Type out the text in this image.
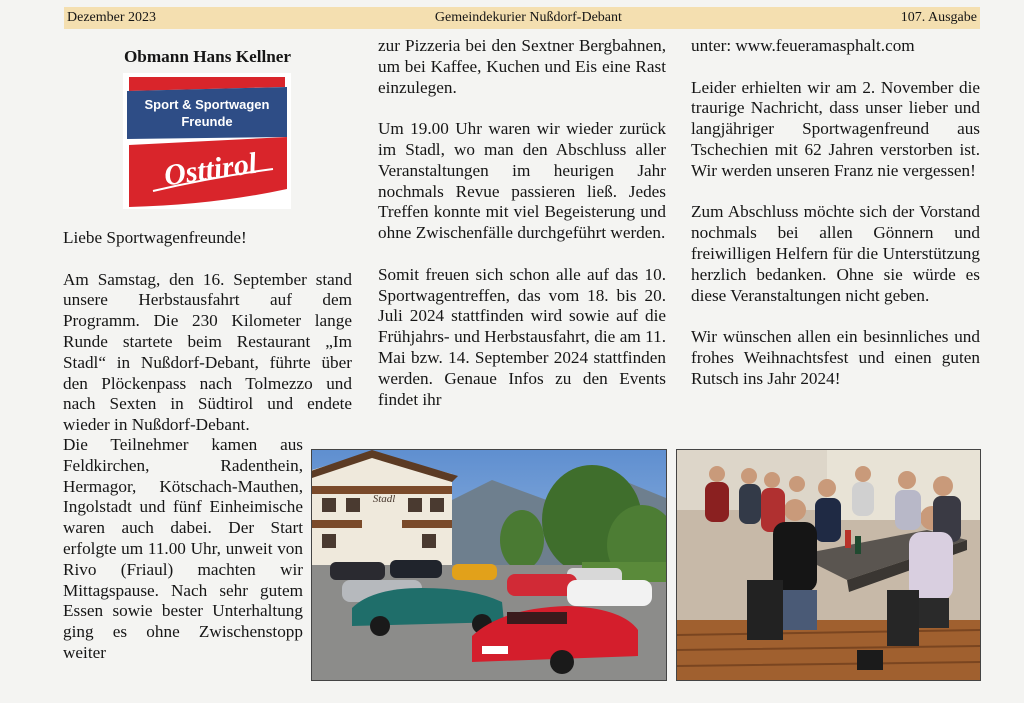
Dezember 2023	Gemeindekurier Nußdorf-Debant	107. Ausgabe
Obmann Hans Kellner
Sport & Sportwagen
Freunde
Osttirol

Liebe Sportwagenfreunde!

Am Samstag, den 16. September stand unsere Herbstausfahrt auf dem Programm. Die 230 Kilometer lange Runde startete beim Restaurant „Im Stadl“ in Nußdorf-Debant, führte über den Plöckenpass nach Tolmezzo und nach Sexten in Südtirol und endete wieder in Nußdorf-Debant.

Die Teilnehmer kamen aus Feldkirchen, Radenthein, Hermagor, Kötschach-Mauthen, Ingolstadt und fünf Einheimische waren auch dabei. Der Start erfolgte um 11.00 Uhr, unweit von Rivo (Friaul) machten wir Mittagspause. Nach sehr gutem Essen sowie bester Unterhaltung ging es ohne Zwischenstopp weiter

zur Pizzeria bei den Sextner Bergbahnen, um bei Kaffee, Kuchen und Eis eine Rast einzulegen.

Um 19.00 Uhr waren wir wieder zurück im Stadl, wo man den Abschluss aller Veranstaltungen im heurigen Jahr nochmals Revue passieren ließ. Jedes Treffen konnte mit viel Begeisterung und ohne Zwischenfälle durchgeführt werden.

Somit freuen sich schon alle auf das 10. Sportwagentreffen, das vom 18. bis 20. Juli 2024 stattfinden wird sowie auf die Frühjahrs- und Herbstausfahrt, die am 11. Mai bzw. 14. September 2024 stattfinden werden. Genaue Infos zu den Events findet ihr

unter: www.feueramasphalt.com

Leider erhielten wir am 2. November die traurige Nachricht, dass unser lieber und langjähriger Sportwagenfreund aus Tschechien mit 62 Jahren verstorben ist. Wir werden unseren Franz nie vergessen!

Zum Abschluss möchte sich der Vorstand nochmals bei allen Gönnern und freiwilligen Helfern für die Unterstützung herzlich bedanken. Ohne sie würde es diese Veranstaltungen nicht geben.

Wir wünschen allen ein besinnliches und frohes Weihnachtsfest und einen guten Rutsch ins Jahr 2024!

Stadl
